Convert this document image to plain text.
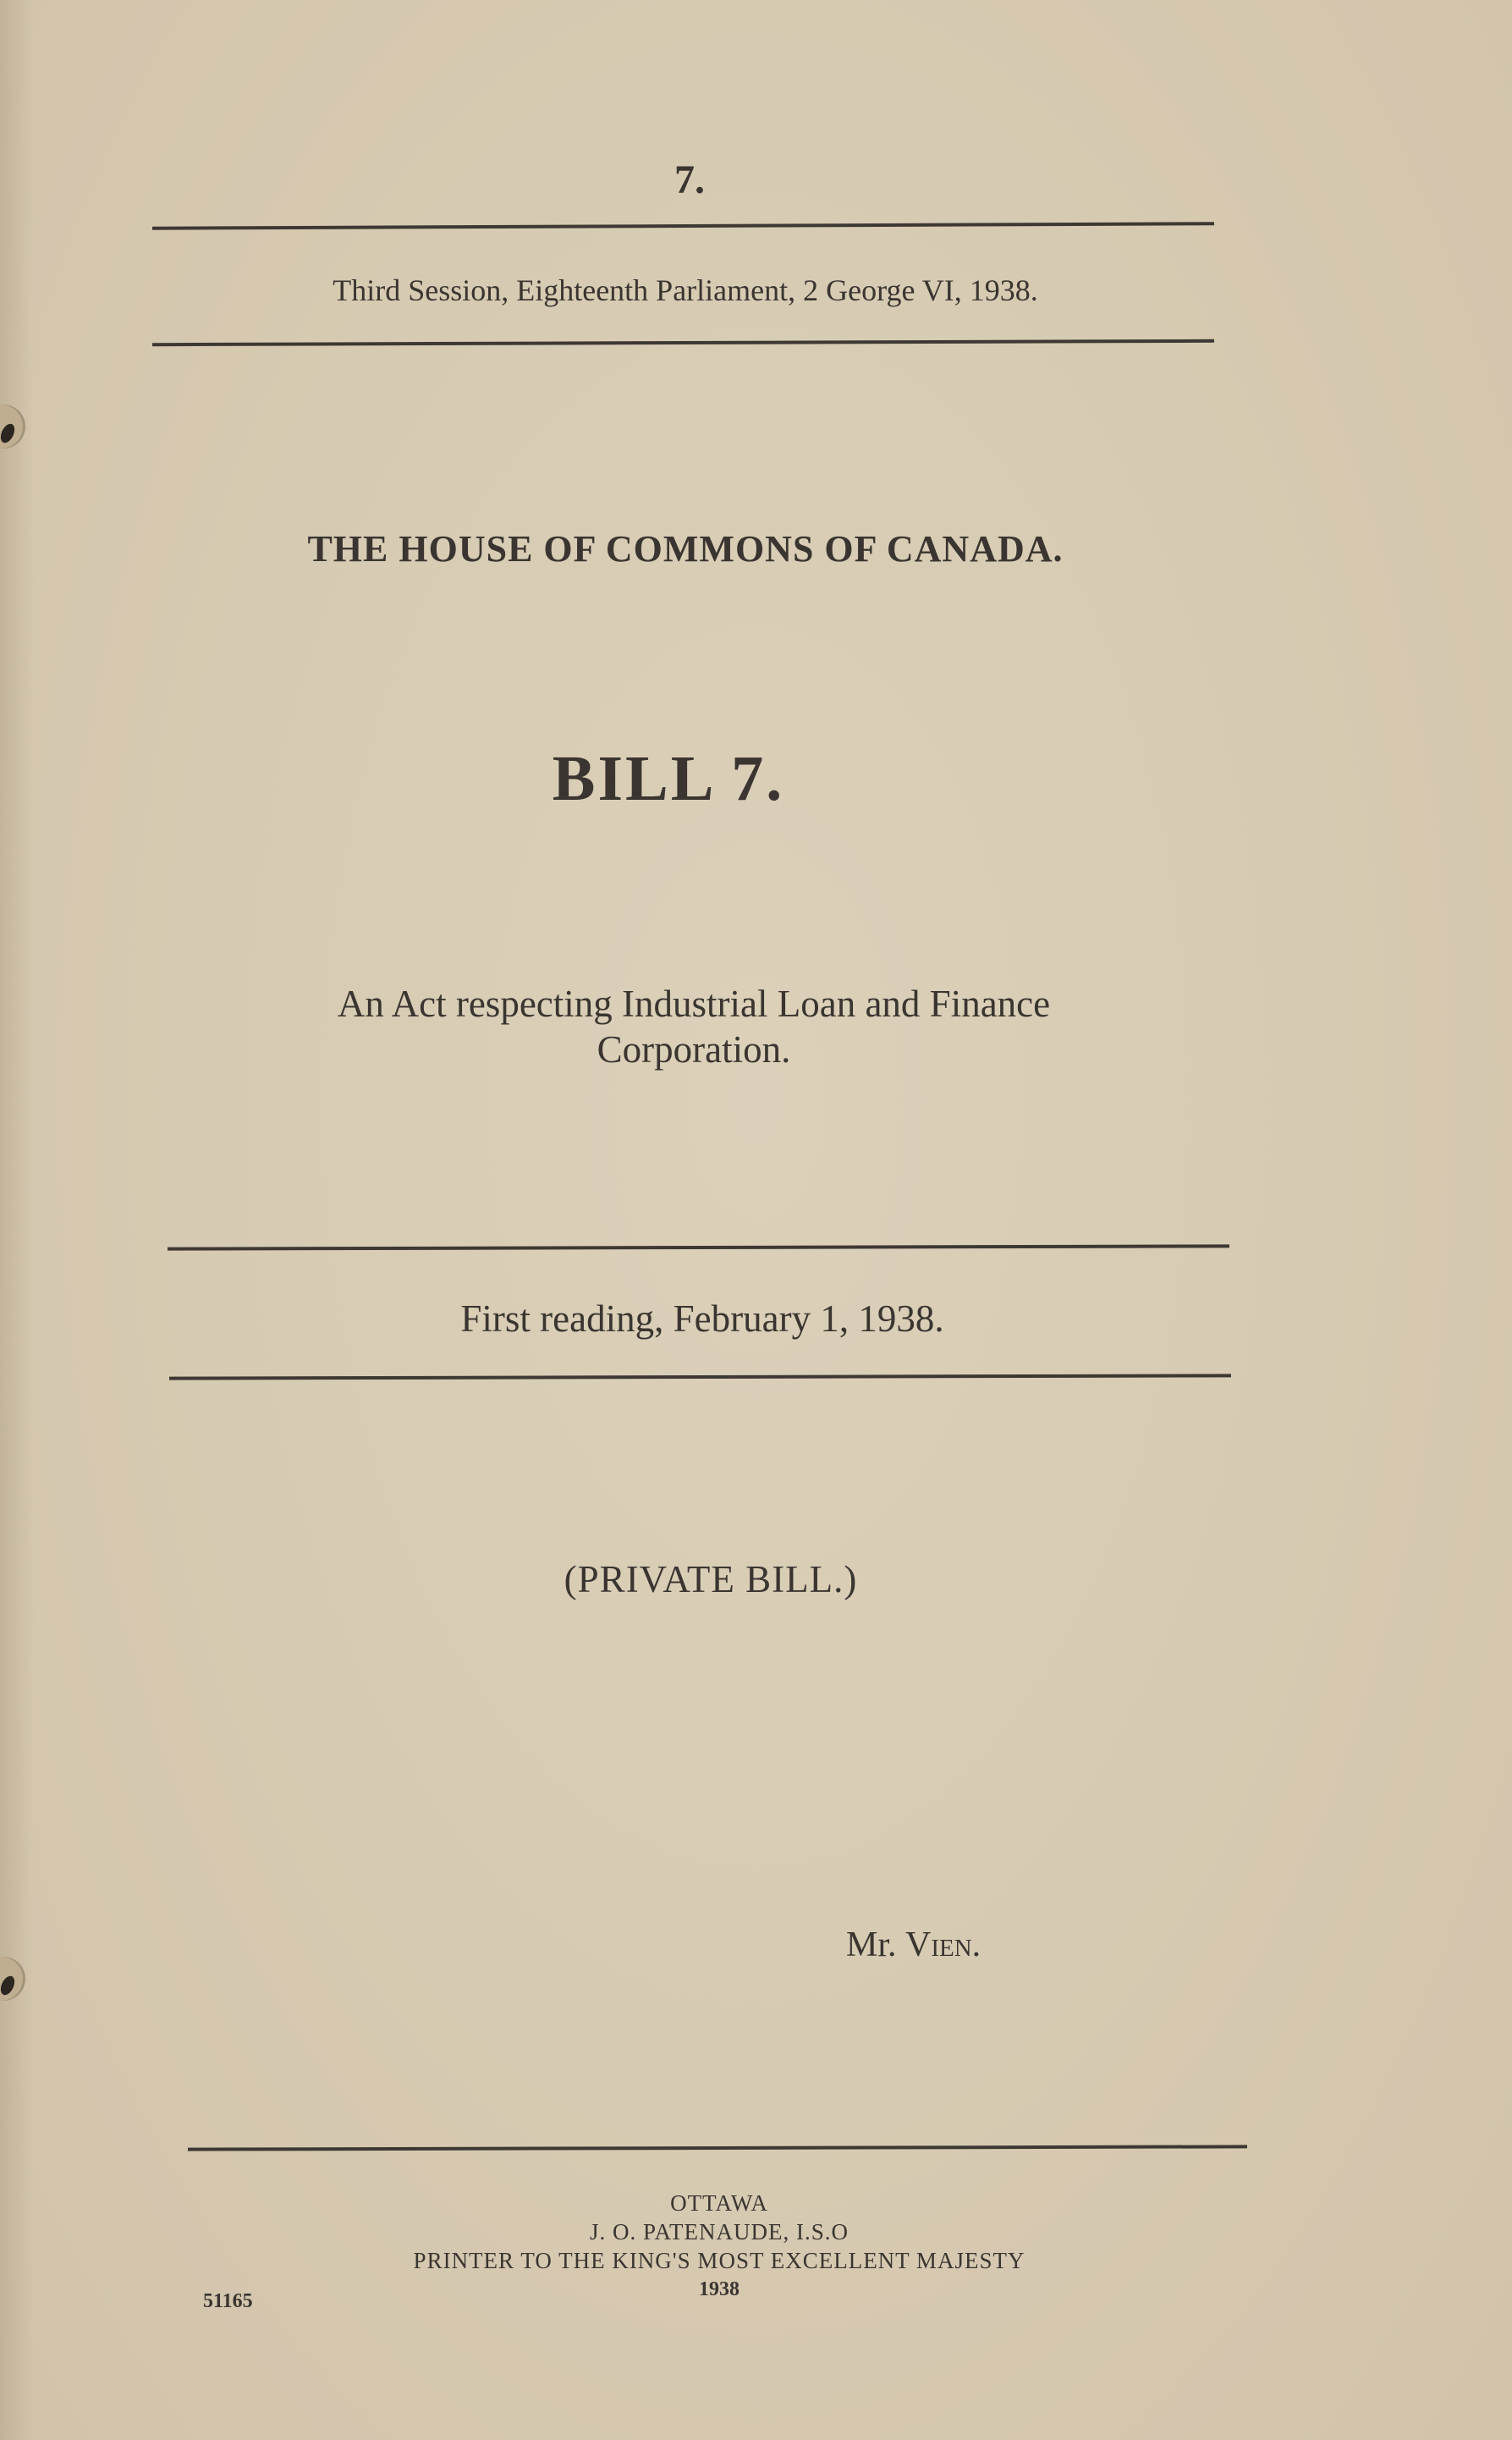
7.
Third Session, Eighteenth Parliament, 2 George VI, 1938.
THE HOUSE OF COMMONS OF CANADA.
BILL 7.
An Act respecting Industrial Loan and Finance
Corporation.
First reading, February 1, 1938.
(PRIVATE BILL.)
Mr. Vien.
OTTAWA
J. O. PATENAUDE, I.S.O
PRINTER TO THE KING'S MOST EXCELLENT MAJESTY
1938
51165
